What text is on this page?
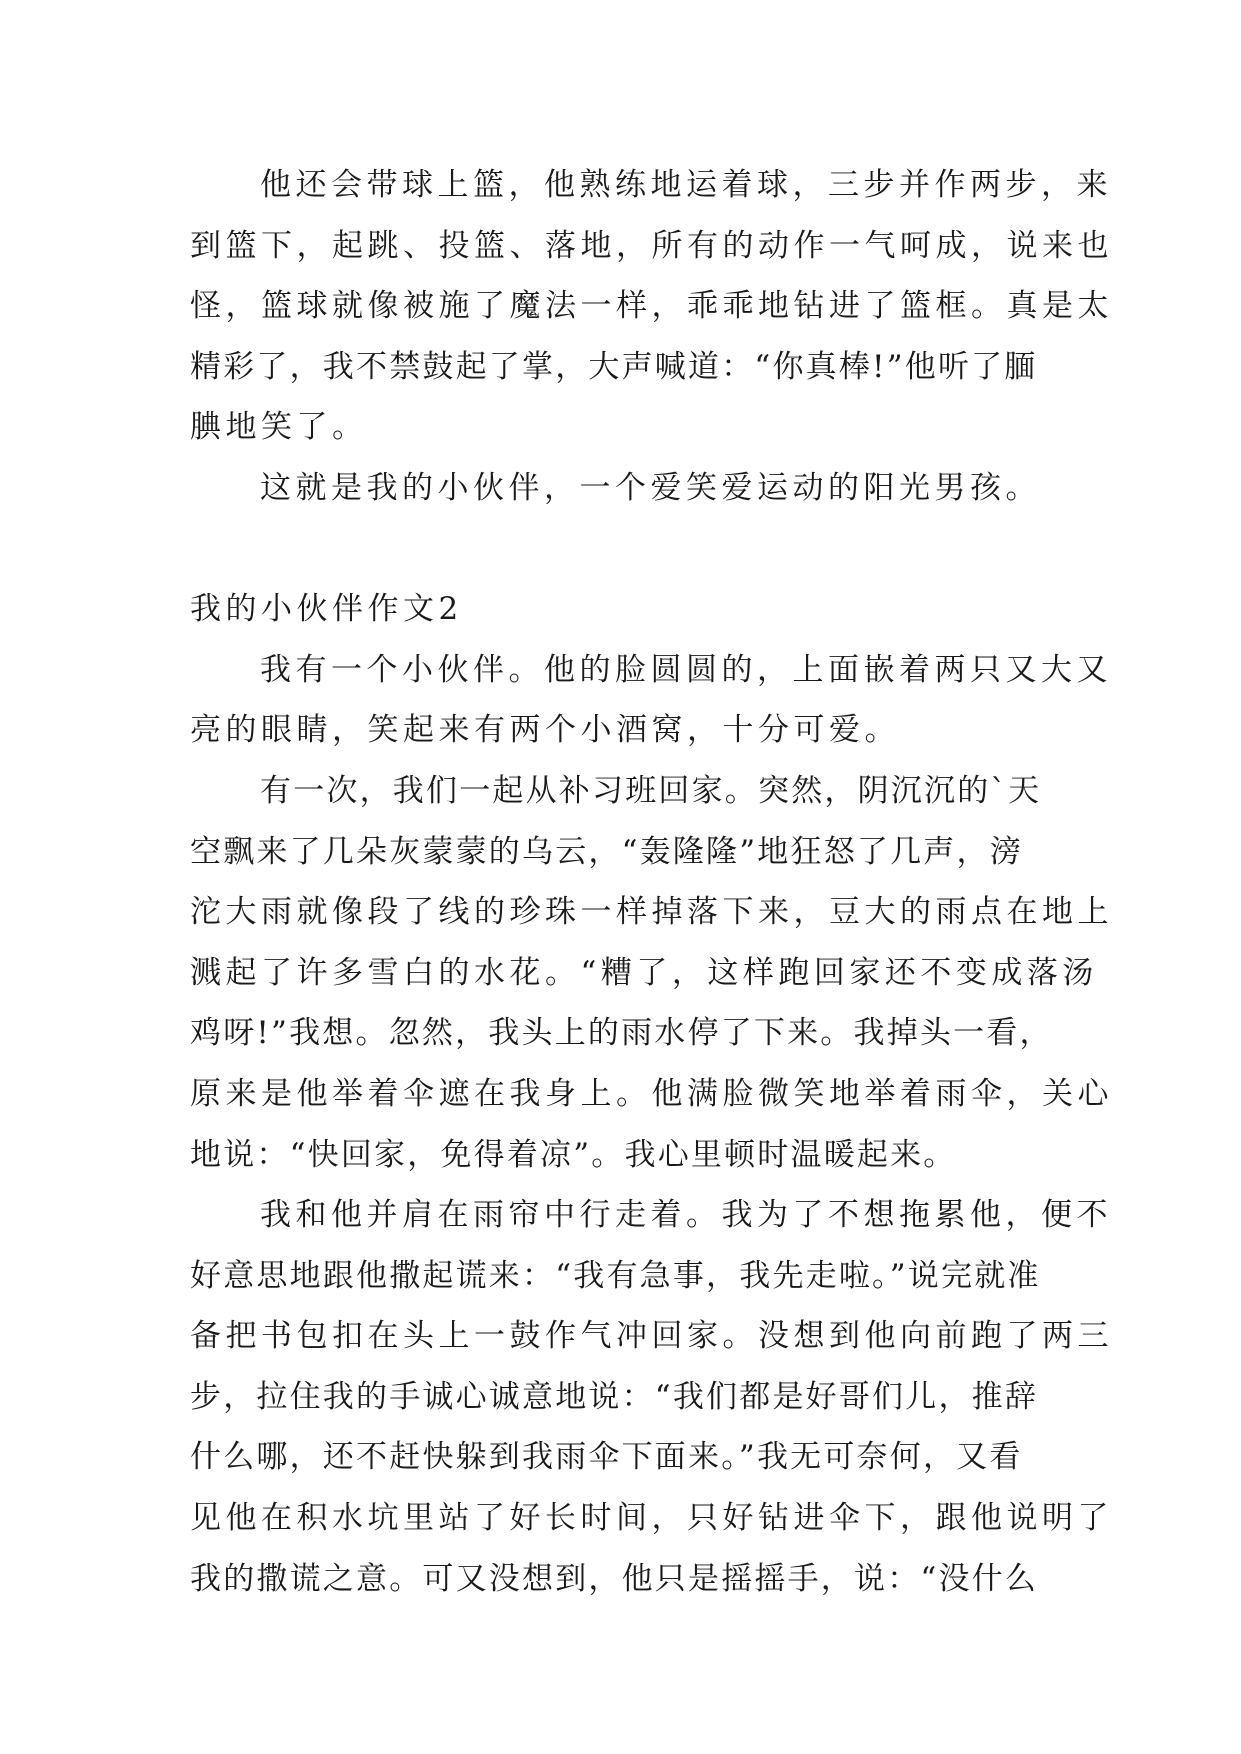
他还会带球上篮，他熟练地运着球，三步并作两步，来
到篮下，起跳、投篮、落地，所有的动作一气呵成，说来也
怪，篮球就像被施了魔法一样，乖乖地钻进了篮框。真是太
精彩了，我不禁鼓起了掌，大声喊道：“你真棒!”他听了腼
腆地笑了。
这就是我的小伙伴，一个爱笑爱运动的阳光男孩。
我的小伙伴作文2
我有一个小伙伴。他的脸圆圆的，上面嵌着两只又大又
亮的眼睛，笑起来有两个小酒窝，十分可爱。
有一次，我们一起从补习班回家。突然，阴沉沉的`天
空飘来了几朵灰蒙蒙的乌云，“轰隆隆”地狂怒了几声，滂
沱大雨就像段了线的珍珠一样掉落下来，豆大的雨点在地上
溅起了许多雪白的水花。“糟了，这样跑回家还不变成落汤
鸡呀!”我想。忽然，我头上的雨水停了下来。我掉头一看，
原来是他举着伞遮在我身上。他满脸微笑地举着雨伞，关心
地说：“快回家，免得着凉”。我心里顿时温暖起来。
我和他并肩在雨帘中行走着。我为了不想拖累他，便不
好意思地跟他撒起谎来：“我有急事，我先走啦。”说完就准
备把书包扣在头上一鼓作气冲回家。没想到他向前跑了两三
步，拉住我的手诚心诚意地说：“我们都是好哥们儿，推辞
什么哪，还不赶快躲到我雨伞下面来。”我无可奈何，又看
见他在积水坑里站了好长时间，只好钻进伞下，跟他说明了
我的撒谎之意。可又没想到，他只是摇摇手，说：“没什么
